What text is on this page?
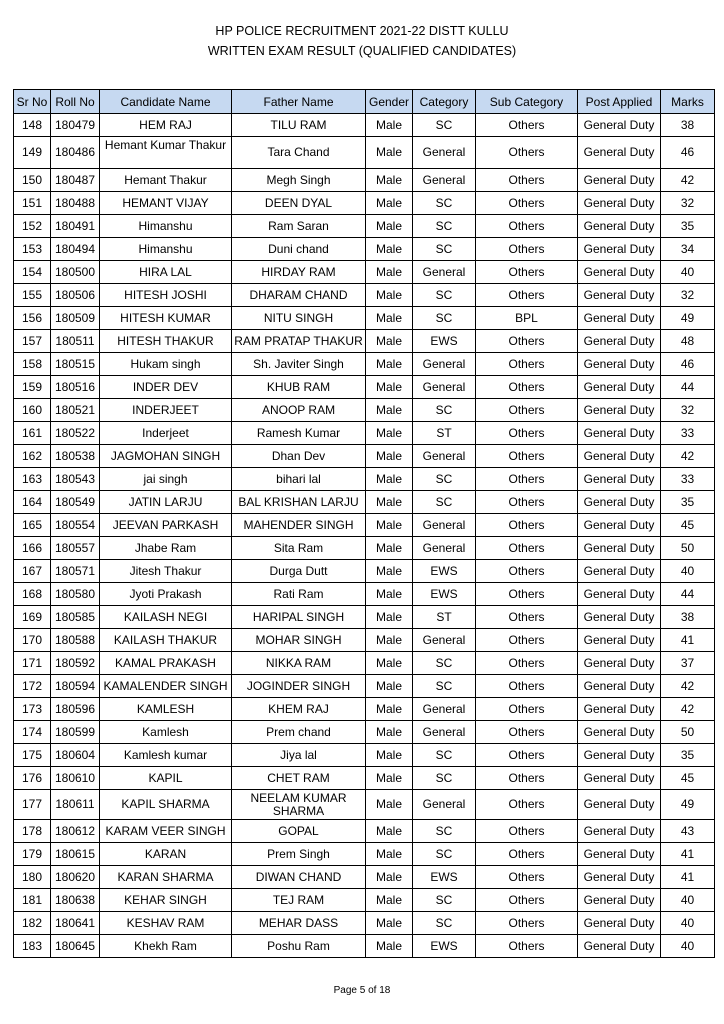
HP POLICE RECRUITMENT 2021-22 DISTT KULLU
WRITTEN EXAM RESULT (QUALIFIED CANDIDATES)
Sr No	Roll No	Candidate Name	Father Name	Gender	Category	Sub Category	Post Applied	Marks
148	180479	HEM RAJ	TILU RAM	Male	SC	Others	General Duty	38
149	180486	Hemant Kumar Thakur	Tara Chand	Male	General	Others	General Duty	46
150	180487	Hemant Thakur	Megh Singh	Male	General	Others	General Duty	42
151	180488	HEMANT VIJAY	DEEN DYAL	Male	SC	Others	General Duty	32
152	180491	Himanshu	Ram Saran	Male	SC	Others	General Duty	35
153	180494	Himanshu	Duni chand	Male	SC	Others	General Duty	34
154	180500	HIRA LAL	HIRDAY RAM	Male	General	Others	General Duty	40
155	180506	HITESH JOSHI	DHARAM CHAND	Male	SC	Others	General Duty	32
156	180509	HITESH KUMAR	NITU SINGH	Male	SC	BPL	General Duty	49
157	180511	HITESH THAKUR	RAM PRATAP THAKUR	Male	EWS	Others	General Duty	48
158	180515	Hukam singh	Sh. Javiter Singh	Male	General	Others	General Duty	46
159	180516	INDER DEV	KHUB RAM	Male	General	Others	General Duty	44
160	180521	INDERJEET	ANOOP RAM	Male	SC	Others	General Duty	32
161	180522	Inderjeet	Ramesh Kumar	Male	ST	Others	General Duty	33
162	180538	JAGMOHAN SINGH	Dhan Dev	Male	General	Others	General Duty	42
163	180543	jai singh	bihari lal	Male	SC	Others	General Duty	33
164	180549	JATIN LARJU	BAL KRISHAN LARJU	Male	SC	Others	General Duty	35
165	180554	JEEVAN PARKASH	MAHENDER SINGH	Male	General	Others	General Duty	45
166	180557	Jhabe Ram	Sita Ram	Male	General	Others	General Duty	50
167	180571	Jitesh Thakur	Durga Dutt	Male	EWS	Others	General Duty	40
168	180580	Jyoti Prakash	Rati Ram	Male	EWS	Others	General Duty	44
169	180585	KAILASH NEGI	HARIPAL SINGH	Male	ST	Others	General Duty	38
170	180588	KAILASH THAKUR	MOHAR SINGH	Male	General	Others	General Duty	41
171	180592	KAMAL PRAKASH	NIKKA RAM	Male	SC	Others	General Duty	37
172	180594	KAMALENDER SINGH	JOGINDER SINGH	Male	SC	Others	General Duty	42
173	180596	KAMLESH	KHEM RAJ	Male	General	Others	General Duty	42
174	180599	Kamlesh	Prem chand	Male	General	Others	General Duty	50
175	180604	Kamlesh kumar	Jiya lal	Male	SC	Others	General Duty	35
176	180610	KAPIL	CHET RAM	Male	SC	Others	General Duty	45
177	180611	KAPIL SHARMA	NEELAM KUMAR SHARMA	Male	General	Others	General Duty	49
178	180612	KARAM VEER SINGH	GOPAL	Male	SC	Others	General Duty	43
179	180615	KARAN	Prem Singh	Male	SC	Others	General Duty	41
180	180620	KARAN SHARMA	DIWAN CHAND	Male	EWS	Others	General Duty	41
181	180638	KEHAR SINGH	TEJ RAM	Male	SC	Others	General Duty	40
182	180641	KESHAV RAM	MEHAR DASS	Male	SC	Others	General Duty	40
183	180645	Khekh Ram	Poshu Ram	Male	EWS	Others	General Duty	40
Page 5 of 18
